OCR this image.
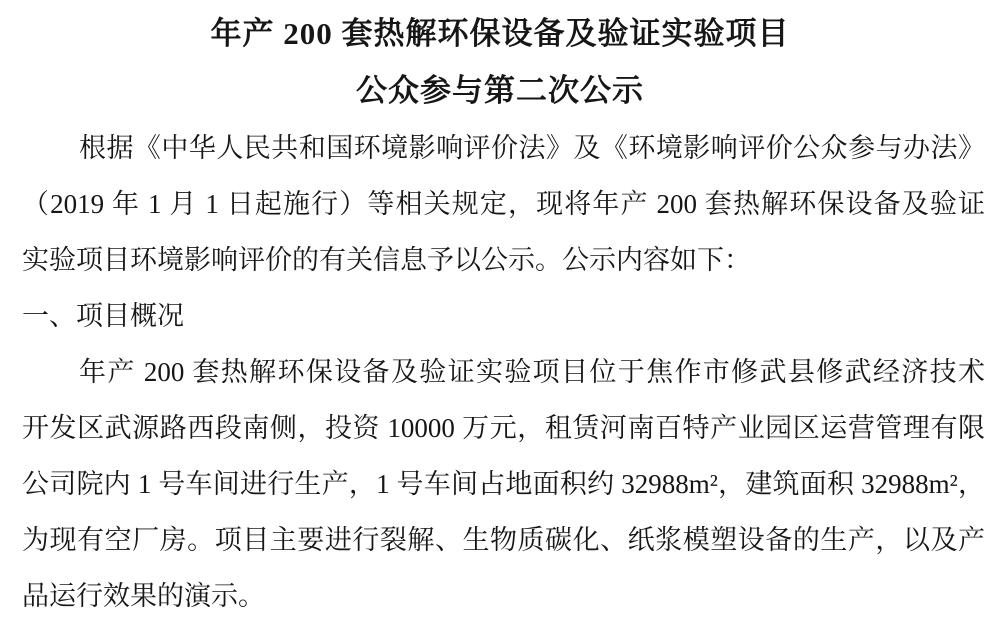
年产 200 套热解环保设备及验证实验项目
公众参与第二次公示

根据《中华人民共和国环境影响评价法》及《环境影响评价公众参与办法》
（2019 年 1 月 1 日起施行）等相关规定，现将年产 200 套热解环保设备及验证
实验项目环境影响评价的有关信息予以公示。公示内容如下：

一、项目概况

年产 200 套热解环保设备及验证实验项目位于焦作市修武县修武经济技术
开发区武源路西段南侧，投资 10000 万元，租赁河南百特产业园区运营管理有限
公司院内 1 号车间进行生产，1 号车间占地面积约 32988m²，建筑面积 32988m²，
为现有空厂房。项目主要进行裂解、生物质碳化、纸浆模塑设备的生产，以及产
品运行效果的演示。
